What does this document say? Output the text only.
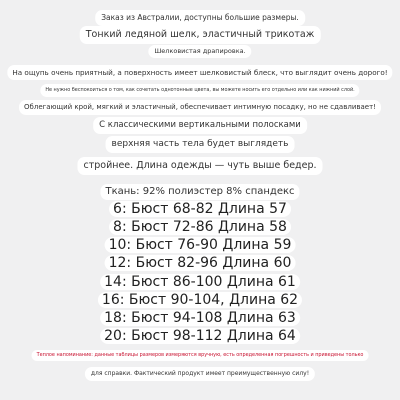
Заказ из Австралии, доступны большие размеры.
Тонкий ледяной шелк, эластичный трикотаж
Шелковистая драпировка.
На ощупь очень приятный, а поверхность имеет шелковистый блеск, что выглядит очень дорого!
Не нужно беспокоиться о том, как сочетать однотонные цвета, вы можете носить его отдельно или как нижний слой.
Облегающий крой, мягкий и эластичный, обеспечивает интимную посадку, но не сдавливает!
С классическими вертикальными полосками
верхняя часть тела будет выглядеть
стройнее. Длина одежды — чуть выше бедер.
Ткань: 92% полиэстер 8% спандекс
6: Бюст 68-82 Длина 57
8: Бюст 72-86 Длина 58
10: Бюст 76-90 Длина 59
12: Бюст 82-96 Длина 60
14: Бюст 86-100 Длина 61
16: Бюст 90-104, Длина 62
18: Бюст 94-108 Длина 63
20: Бюст 98-112 Длина 64
Теплое напоминание: данные таблицы размеров измеряются вручную, есть определенная погрешность и приведены только
для справки. Фактический продукт имеет преимущественную силу!
